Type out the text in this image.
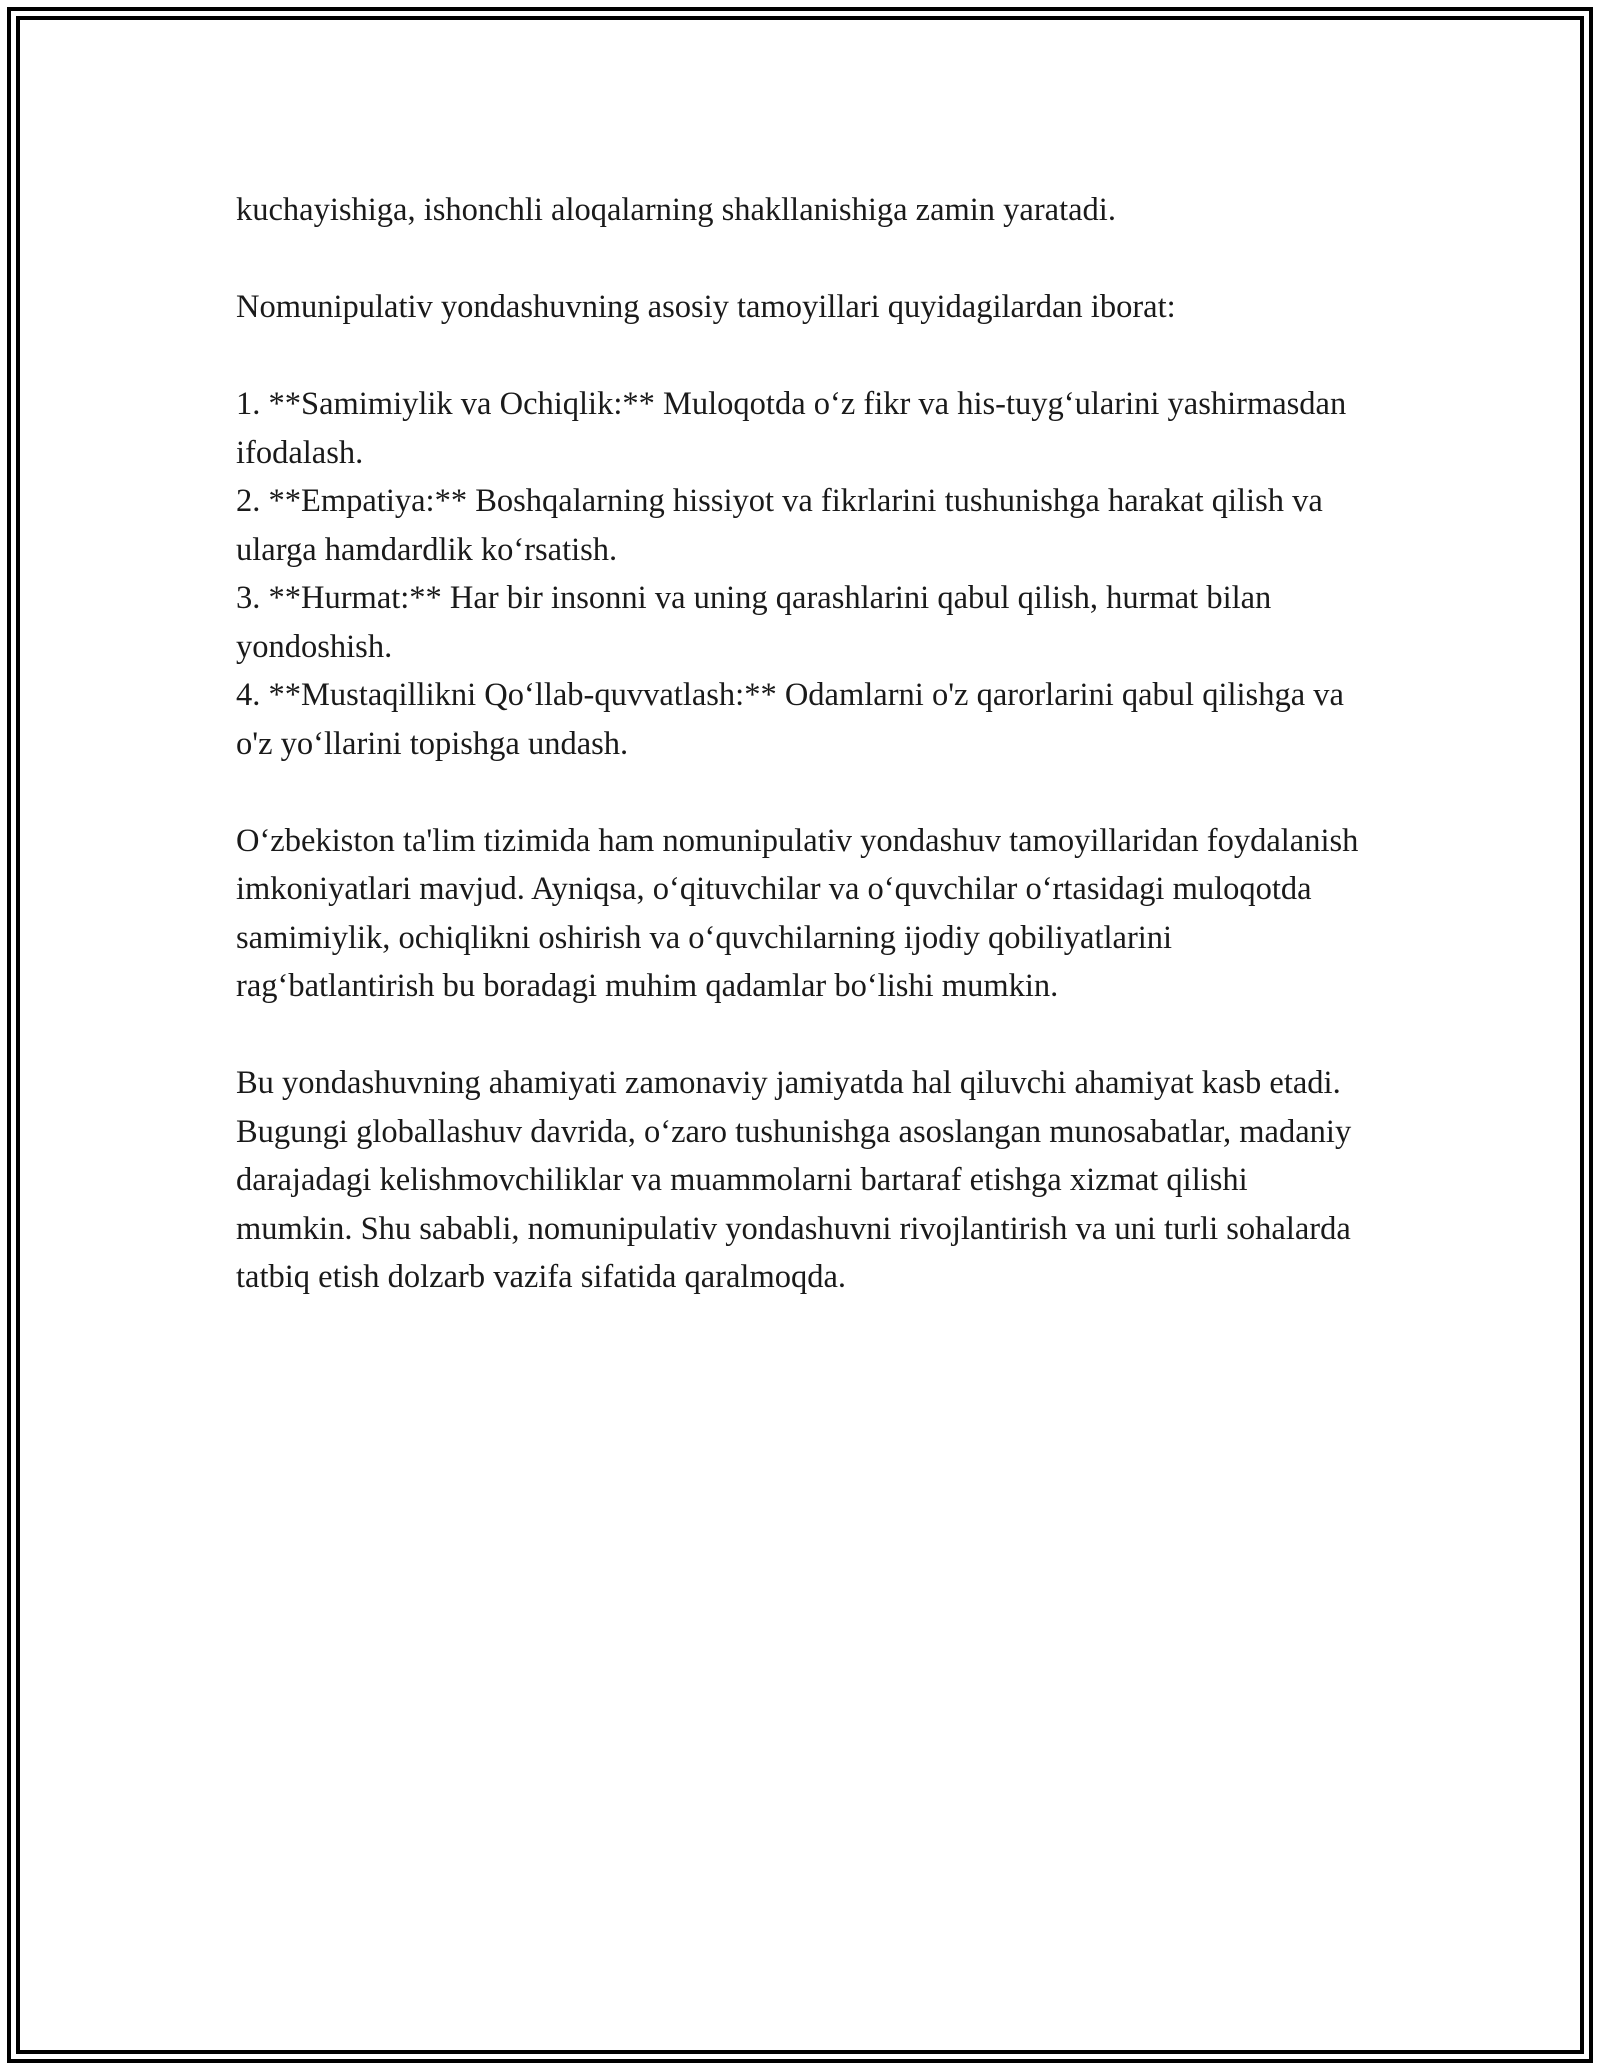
kuchayishiga, ishonchli aloqalarning shakllanishiga zamin yaratadi.

Nomunipulativ yondashuvning asosiy tamoyillari quyidagilardan iborat:

1. **Samimiylik va Ochiqlik:** Muloqotda o‘z fikr va his-tuyg‘ularini yashirmasdan ifodalash.

2. **Empatiya:** Boshqalarning hissiyot va fikrlarini tushunishga harakat qilish va ularga hamdardlik ko‘rsatish.

3. **Hurmat:** Har bir insonni va uning qarashlarini qabul qilish, hurmat bilan yondoshish.

4. **Mustaqillikni Qo‘llab-quvvatlash:** Odamlarni o'z qarorlarini qabul qilishga va o'z yo‘llarini topishga undash.

O‘zbekiston ta'lim tizimida ham nomunipulativ yondashuv tamoyillaridan foydalanish imkoniyatlari mavjud. Ayniqsa, o‘qituvchilar va o‘quvchilar o‘rtasidagi muloqotda samimiylik, ochiqlikni oshirish va o‘quvchilarning ijodiy qobiliyatlarini rag‘batlantirish bu boradagi muhim qadamlar bo‘lishi mumkin.

Bu yondashuvning ahamiyati zamonaviy jamiyatda hal qiluvchi ahamiyat kasb etadi. Bugungi globallashuv davrida, o‘zaro tushunishga asoslangan munosabatlar, madaniy darajadagi kelishmovchiliklar va muammolarni bartaraf etishga xizmat qilishi mumkin. Shu sababli, nomunipulativ yondashuvni rivojlantirish va uni turli sohalarda tatbiq etish dolzarb vazifa sifatida qaralmoqda.
